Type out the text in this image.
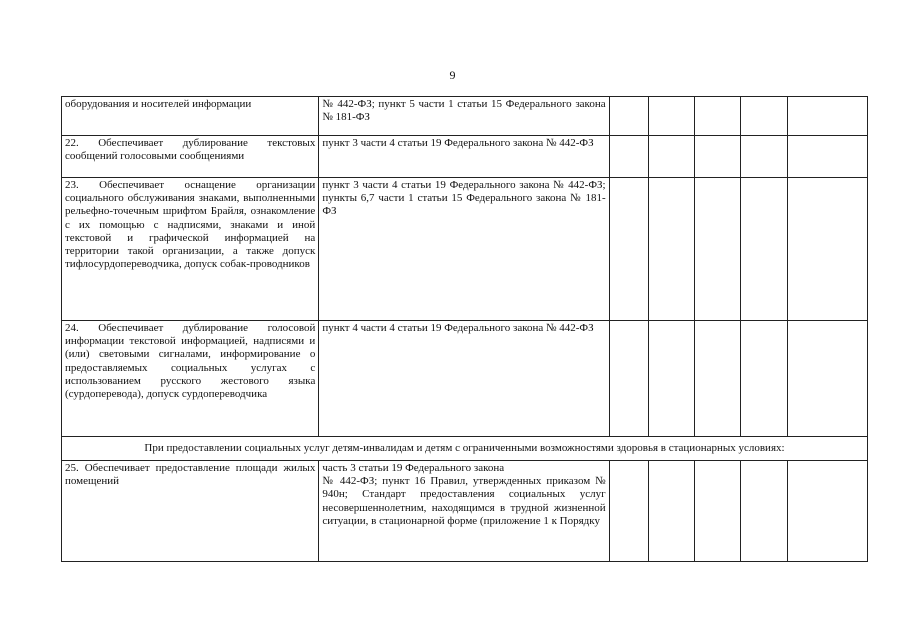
9
оборудования и носителей информации	№ 442-ФЗ; пункт 5 части 1 статьи 15 Федерального закона № 181-ФЗ					
22. Обеспечивает дублирование текстовых сообщений голосовыми сообщениями	пункт 3 части 4 статьи 19 Федерального закона № 442-ФЗ					
23. Обеспечивает оснащение организации социального обслуживания знаками, выполненными рельефно-точечным шрифтом Брайля, ознакомление с их помощью с надписями, знаками и иной текстовой и графической информацией на территории такой организации, а также допуск тифлосурдопереводчика, допуск собак-проводников	пункт 3 части 4 статьи 19 Федерального закона № 442-ФЗ; пункты 6,7 части 1 статьи 15 Федерального закона № 181-ФЗ					
24. Обеспечивает дублирование голосовой информации текстовой информацией, надписями и (или) световыми сигналами, информирование о предоставляемых социальных услугах с использованием русского жестового языка (сурдоперевода), допуск сурдопереводчика	пункт 4 части 4 статьи 19 Федерального закона № 442-ФЗ					
При предоставлении социальных услуг детям-инвалидам и детям с ограниченными возможностями здоровья в стационарных условиях:						
25. Обеспечивает предоставление площади жилых помещений	часть 3 статьи 19 Федерального закона
№ 442-ФЗ; пункт 16 Правил, утвержденных приказом № 940н; Стандарт предоставления социальных услуг несовершеннолетним, находящимся в трудной жизненной ситуации, в стационарной форме (приложение 1 к Порядку					
